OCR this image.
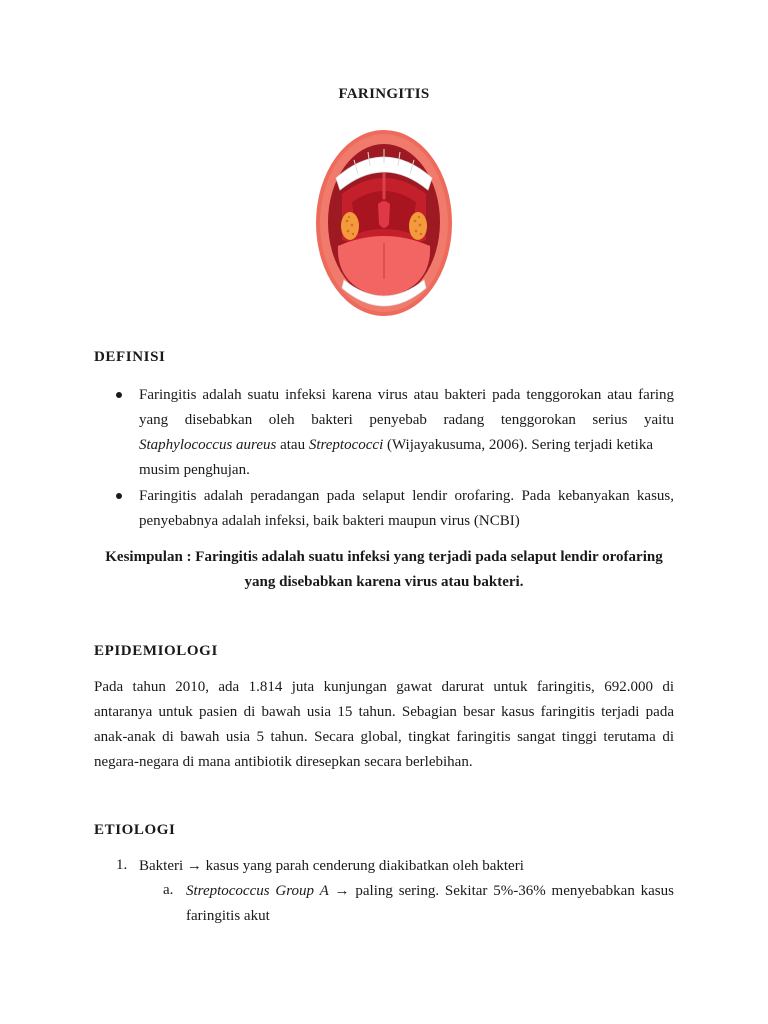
FARINGITIS
DEFINISI
Faringitis adalah suatu infeksi karena virus atau bakteri pada tenggorokan atau faring
yang disebabkan oleh bakteri penyebab radang tenggorokan serius yaitu
Staphylococcus aureus atau Streptococci (Wijayakusuma, 2006). Sering terjadi ketika
musim penghujan.
Faringitis adalah peradangan pada selaput lendir orofaring. Pada kebanyakan kasus,
penyebabnya adalah infeksi, baik bakteri maupun virus (NCBI)
Kesimpulan : Faringitis adalah suatu infeksi yang terjadi pada selaput lendir orofaring
yang disebabkan karena virus atau bakteri.
EPIDEMIOLOGI
Pada tahun 2010, ada 1.814 juta kunjungan gawat darurat untuk faringitis, 692.000 di
antaranya untuk pasien di bawah usia 15 tahun. Sebagian besar kasus faringitis terjadi pada
anak-anak di bawah usia 5 tahun. Secara global, tingkat faringitis sangat tinggi terutama di
negara-negara di mana antibiotik diresepkan secara berlebihan.
ETIOLOGI
1. Bakteri → kasus yang parah cenderung diakibatkan oleh bakteri
a. Streptococcus Group A → paling sering. Sekitar 5%-36% menyebabkan kasus
faringitis akut
